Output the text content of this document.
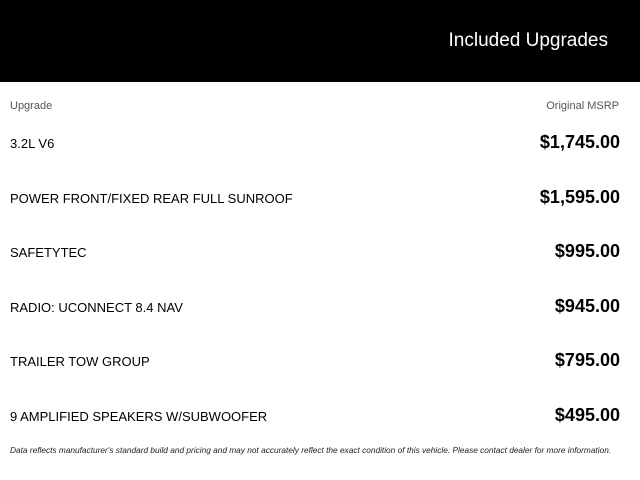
Included Upgrades
Upgrade	Original MSRP
3.2L V6	$1,745.00
POWER FRONT/FIXED REAR FULL SUNROOF	$1,595.00
SAFETYTEC	$995.00
RADIO: UCONNECT 8.4 NAV	$945.00
TRAILER TOW GROUP	$795.00
9 AMPLIFIED SPEAKERS W/SUBWOOFER	$495.00
Data reflects manufacturer's standard build and pricing and may not accurately reflect the exact condition of this vehicle. Please contact dealer for more information.
